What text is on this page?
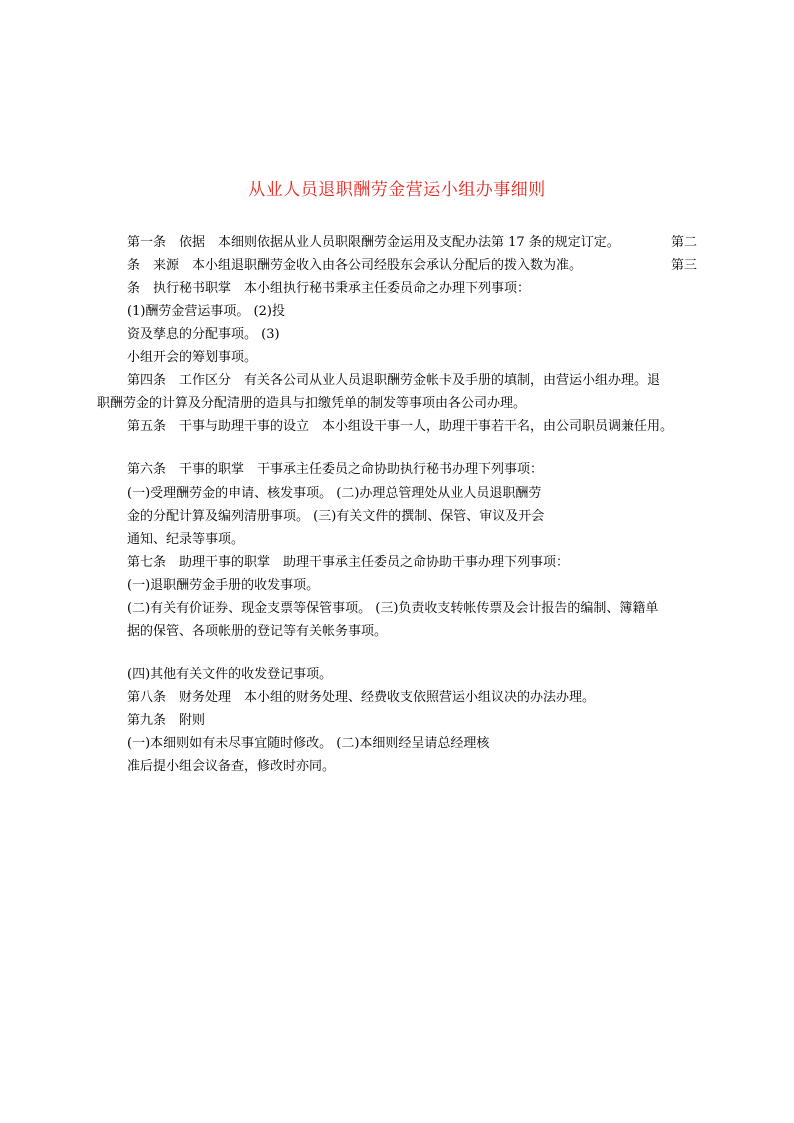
从业人员退职酬劳金营运小组办事细则
第一条　依据　本细则依据从业人员职限酬劳金运用及支配办法第 17 条的规定订定。	第二
条　来源　本小组退职酬劳金收入由各公司经股东会承认分配后的拨入数为准。	第三

条　执行秘书职掌　本小组执行秘书秉承主任委员命之办理下列事项：

(1)酬劳金营运事项。 (2)投

资及孳息的分配事项。 (3)

小组开会的筹划事项。

第四条　工作区分　有关各公司从业人员退职酬劳金帐卡及手册的填制，由营运小组办理。退

职酬劳金的计算及分配清册的造具与扣缴凭单的制发等事项由各公司办理。

第五条　干事与助理干事的设立　本小组设干事一人，助理干事若干名，由公司职员调兼任用。

第六条　干事的职掌　干事承主任委员之命协助执行秘书办理下列事项：

(一)受理酬劳金的申请、核发事项。 (二)办理总管理处从业人员退职酬劳

金的分配计算及编列清册事项。 (三)有关文件的撰制、保管、审议及开会

通知、纪录等事项。

第七条　助理干事的职掌　助理干事承主任委员之命协助干事办理下列事项：

(一)退职酬劳金手册的收发事项。

(二)有关有价证券、现金支票等保管事项。 (三)负责收支转帐传票及会计报告的编制、簿籍单

据的保管、各项帐册的登记等有关帐务事项。

(四)其他有关文件的收发登记事项。

第八条　财务处理　本小组的财务处理、经费收支依照营运小组议决的办法办理。

第九条　附则

(一)本细则如有未尽事宜随时修改。 (二)本细则经呈请总经理核

准后提小组会议备查，修改时亦同。
